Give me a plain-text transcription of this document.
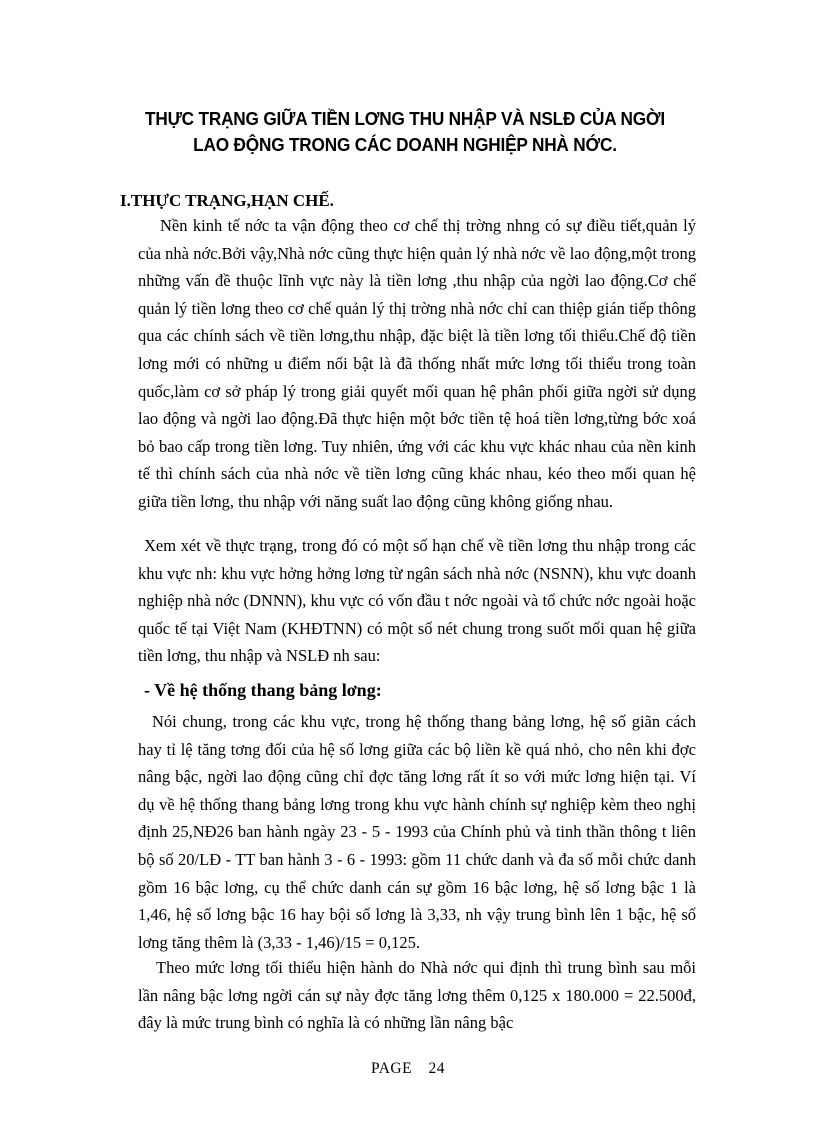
THỰC TRẠNG GIỮA TIỀN LƠNG THU NHẬP VÀ NSLĐ CỦA NGỜI
LAO ĐỘNG TRONG CÁC DOANH NGHIỆP NHÀ NỚC.
I.THỰC TRẠNG,HẠN CHẾ.
Nền kinh tế nớc ta vận động theo cơ chế thị trờng nhng có sự điều tiết,quản lý của nhà nớc.Bởi vậy,Nhà nớc cũng thực hiện quản lý nhà nớc về lao động,một trong những vấn đề thuộc lĩnh vực này là tiền lơng ,thu nhập của ngời lao động.Cơ chế quản lý tiền lơng theo cơ chế quản lý thị trờng nhà nớc chỉ can thiệp gián tiếp thông qua các chính sách về tiền lơng,thu nhập, đặc biệt là tiền lơng tối thiểu.Chế độ tiền lơng mới có những u điểm nổi bật là đã thống nhất mức lơng tối thiểu trong toàn quốc,làm cơ sở pháp lý trong giải quyết mối quan hệ phân phối giữa ngời sử dụng lao động và ngời lao động.Đã thực hiện một bớc tiền tệ hoá tiền lơng,từng bớc xoá bỏ bao cấp trong tiền lơng. Tuy nhiên, ứng với các khu vực khác nhau của nền kinh tế thì chính sách của nhà nớc về tiền lơng cũng khác nhau, kéo theo mối quan hệ giữa tiền lơng, thu nhập với năng suất lao động cũng không giống nhau.
Xem xét về thực trạng, trong đó có một số hạn chế về tiền lơng thu nhập trong các khu vực nh: khu vực hởng hởng lơng từ ngân sách nhà nớc (NSNN), khu vực doanh nghiệp nhà nớc (DNNN), khu vực có vốn đầu t nớc ngoài và tổ chức nớc ngoài hoặc quốc tế tại Việt Nam (KHĐTNN) có một số nét chung trong suốt mối quan hệ giữa tiền lơng, thu nhập và NSLĐ nh sau:
- Về hệ thống thang bảng lơng:
Nói chung, trong các khu vực, trong hệ thống thang bảng lơng, hệ số giãn cách hay tỉ lệ tăng tơng đối của hệ số lơng giữa các bộ liền kề quá nhỏ, cho nên khi đợc nâng bậc, ngời lao động cũng chỉ đợc tăng lơng rất ít so với mức lơng hiện tại. Ví dụ về hệ thống thang bảng lơng trong khu vực hành chính sự nghiệp kèm theo nghị định 25,NĐ26 ban hành ngày 23 - 5 - 1993 của Chính phủ và tinh thần thông t liên bộ số 20/LĐ - TT ban hành 3 - 6 - 1993: gồm 11 chức danh và đa số mỗi chức danh gồm 16 bậc lơng, cụ thể chức danh cán sự gồm 16 bậc lơng, hệ số lơng bậc 1 là 1,46, hệ số lơng bậc 16 hay bội số lơng là 3,33, nh vậy trung bình lên 1 bậc, hệ số lơng tăng thêm là (3,33 - 1,46)/15 = 0,125.
Theo mức lơng tối thiểu hiện hành do Nhà nớc qui định thì trung bình sau mỗi lần nâng bậc lơng ngời cán sự này đợc tăng lơng thêm 0,125 x 180.000 = 22.500đ, đây là mức trung bình có nghĩa là có những lần nâng bậc
PAGE 24
